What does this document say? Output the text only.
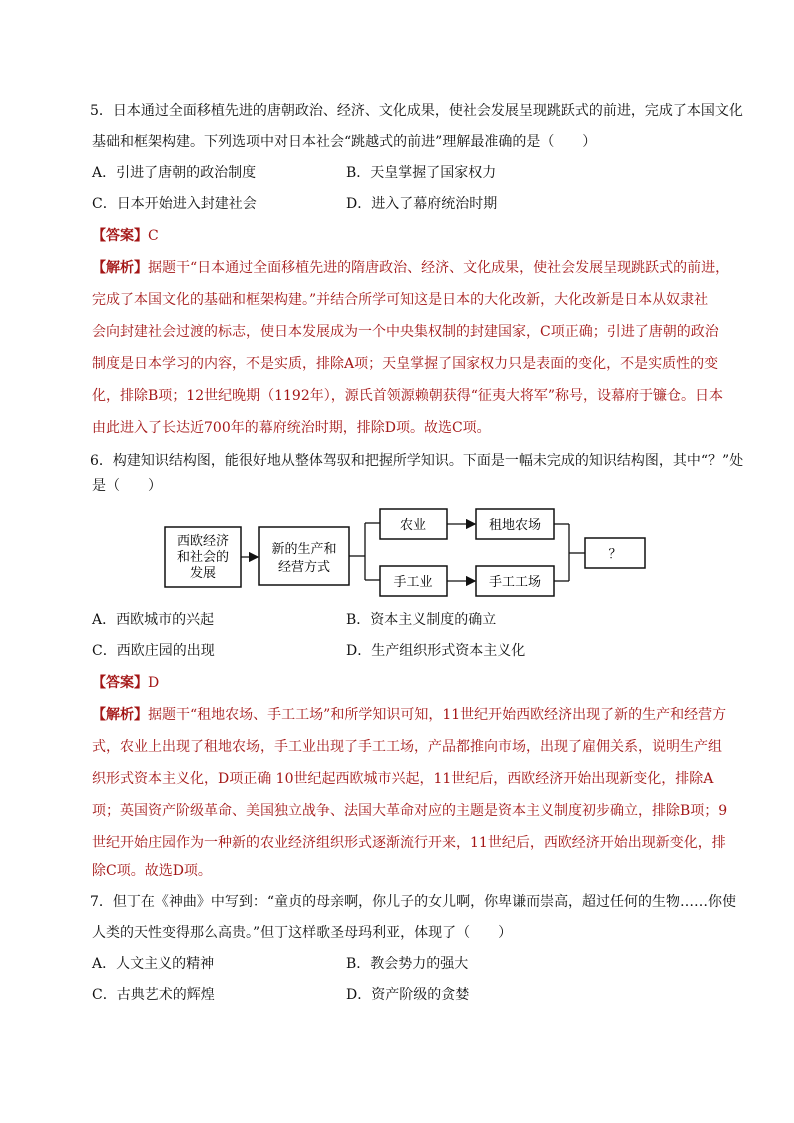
5．日本通过全面移植先进的唐朝政治、经济、文化成果，使社会发展呈现跳跃式的前进，完成了本国文化
基础和框架构建。下列选项中对日本社会“跳越式的前进”理解最准确的是（　　）
A．引进了唐朝的政治制度	B．天皇掌握了国家权力
C．日本开始进入封建社会	D．进入了幕府统治时期
【答案】C
【解析】据题干“日本通过全面移植先进的隋唐政治、经济、文化成果，使社会发展呈现跳跃式的前进，
完成了本国文化的基础和框架构建。”并结合所学可知这是日本的大化改新，大化改新是日本从奴隶社
会向封建社会过渡的标志，使日本发展成为一个中央集权制的封建国家，C项正确；引进了唐朝的政治
制度是日本学习的内容，不是实质，排除A项；天皇掌握了国家权力只是表面的变化，不是实质性的变
化，排除B项；12世纪晚期（1192年），源氏首领源赖朝获得“征夷大将军”称号，设幕府于镰仓。日本
由此进入了长达近700年的幕府统治时期，排除D项。故选C项。
6．构建知识结构图，能很好地从整体驾驭和把握所学知识。下面是一幅未完成的知识结构图，其中“？”处
是（　　）
西欧经济
和社会的
发展
新的生产和
经营方式
农业
手工业
租地农场
手工工场
？
A．西欧城市的兴起	B．资本主义制度的确立
C．西欧庄园的出现	D．生产组织形式资本主义化
【答案】D
【解析】据题干“租地农场、手工工场”和所学知识可知，11世纪开始西欧经济出现了新的生产和经营方
式，农业上出现了租地农场，手工业出现了手工工场，产品都推向市场，出现了雇佣关系，说明生产组
织形式资本主义化，D项正确 10世纪起西欧城市兴起，11世纪后，西欧经济开始出现新变化，排除A
项；英国资产阶级革命、美国独立战争、法国大革命对应的主题是资本主义制度初步确立，排除B项；9
世纪开始庄园作为一种新的农业经济组织形式逐渐流行开来，11世纪后，西欧经济开始出现新变化，排
除C项。故选D项。
7．但丁在《神曲》中写到：“童贞的母亲啊，你儿子的女儿啊，你卑谦而崇高，超过任何的生物……你使
人类的天性变得那么高贵。”但丁这样歌圣母玛利亚，体现了（　　）
A．人文主义的精神	B．教会势力的强大
C．古典艺术的辉煌	D．资产阶级的贪婪
